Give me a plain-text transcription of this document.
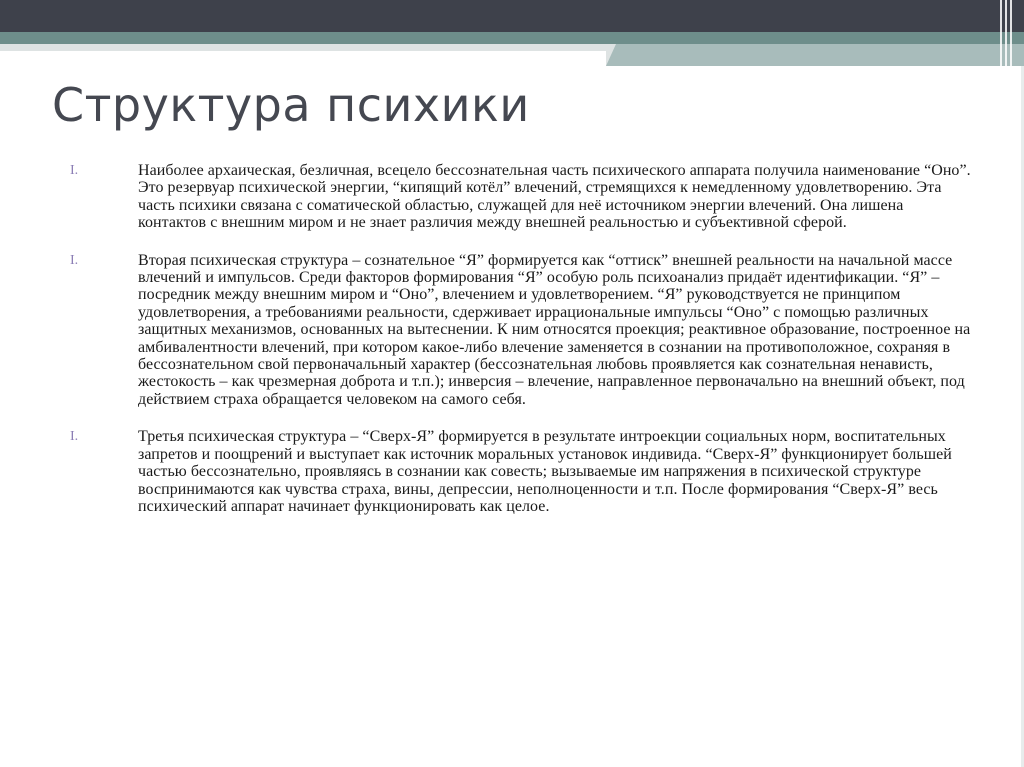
Структура психики
I.	Наиболее архаическая, безличная, всецело бессознательная часть психического аппарата получила наименование “Оно”. Это резервуар психической энергии, “кипящий котёл” влечений, стремящихся к немедленному удовлетворению. Эта часть психики связана с соматической областью, служащей для неё источником энергии влечений. Она лишена контактов с внешним миром и не знает различия между внешней реальностью и субъективной сферой.
I.	Вторая психическая структура – сознательное “Я” формируется как “оттиск” внешней реальности на начальной массе влечений и импульсов. Среди факторов формирования “Я” особую роль психоанализ придаёт идентификации. “Я” – посредник между внешним миром и “Оно”, влечением и удовлетворением. “Я” руководствуется не принципом удовлетворения, а требованиями реальности, сдерживает иррациональные импульсы “Оно” с помощью различных защитных механизмов, основанных на вытеснении. К ним относятся проекция; реактивное образование, построенное на амбивалентности влечений, при котором какое-либо влечение заменяется в сознании на противоположное, сохраняя в бессознательном свой первоначальный характер (бессознательная любовь проявляется как сознательная ненависть, жестокость – как чрезмерная доброта и т.п.); инверсия – влечение, направленное первоначально на внешний объект, под действием страха обращается человеком на самого себя.
I.	Третья психическая структура – “Сверх-Я” формируется в результате интроекции социальных норм, воспитательных запретов и поощрений и выступает как источник моральных установок индивида. “Сверх-Я” функционирует большей частью бессознательно, проявляясь в сознании как совесть; вызываемые им напряжения в психической структуре воспринимаются как чувства страха, вины, депрессии, неполноценности и т.п. После формирования “Сверх-Я” весь психический аппарат начинает функционировать как целое.
